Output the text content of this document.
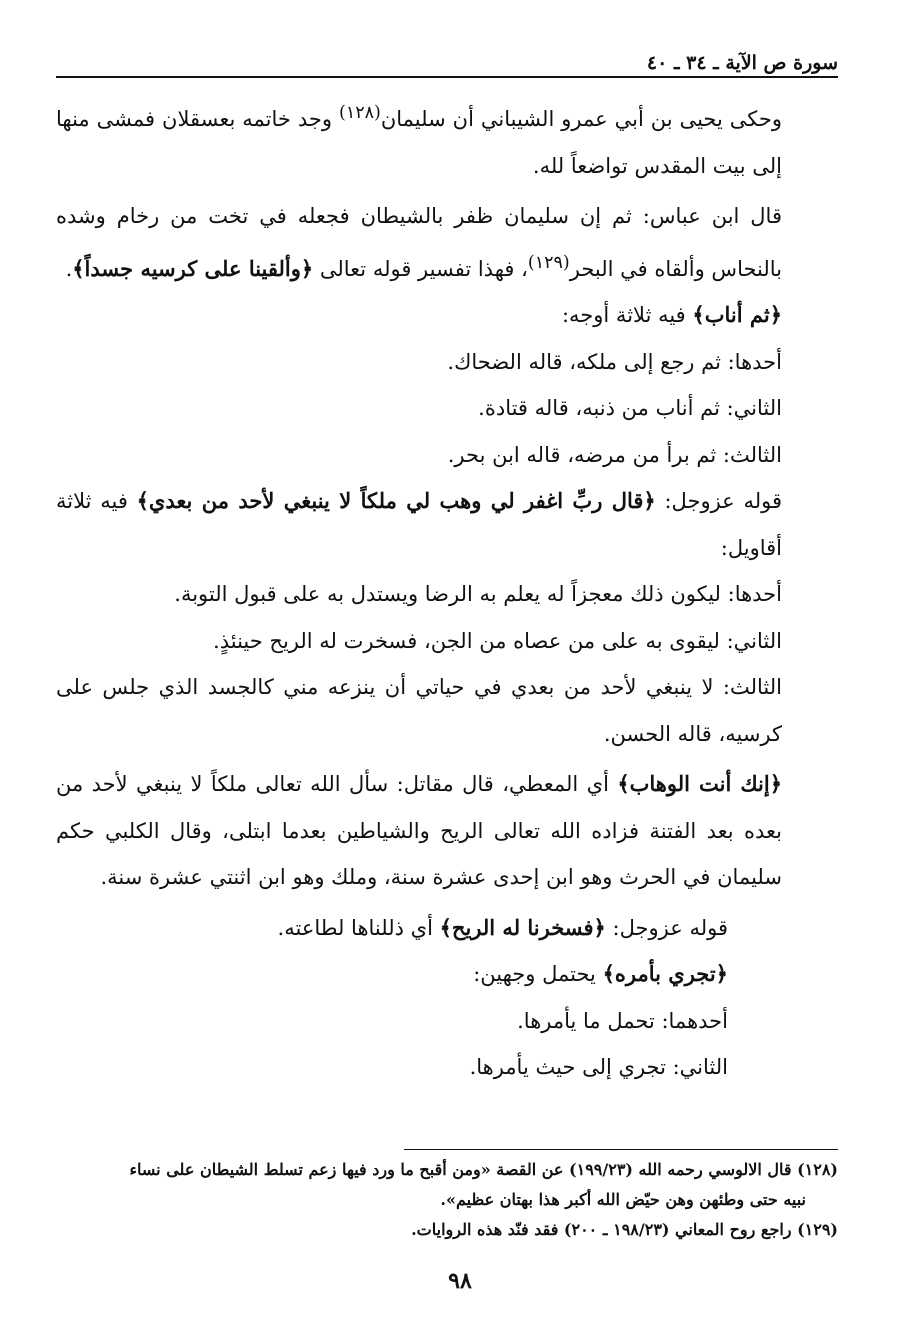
سورة ص الآية ـ ٣٤ ـ ٤٠

وحكى يحيى بن أبي عمرو الشيباني أن سليمان$^{(١٢٨)}$ وجد خاتمه بعسقلان فمشى منها إلى بيت المقدس تواضعاً لله.

قال ابن عباس: ثم إن سليمان ظفر بالشيطان فجعله في تخت من رخام وشده بالنحاس وألقاه في البحر$^{(١٢٩)}$، فهذا تفسير قوله تعالى ﴿وألقينا على كرسيه جسداً﴾.

﴿ثم أناب﴾ فيه ثلاثة أوجه:

أحدها: ثم رجع إلى ملكه، قاله الضحاك.

الثاني: ثم أناب من ذنبه، قاله قتادة.

الثالث: ثم برأ من مرضه، قاله ابن بحر.

قوله عزوجل: ﴿قال ربِّ اغفر لي وهب لي ملكاً لا ينبغي لأحد من بعدي﴾ فيه ثلاثة أقاويل:

أحدها: ليكون ذلك معجزاً له يعلم به الرضا ويستدل به على قبول التوبة.

الثاني: ليقوى به على من عصاه من الجن، فسخرت له الريح حينئذٍ.

الثالث: لا ينبغي لأحد من بعدي في حياتي أن ينزعه مني كالجسد الذي جلس على كرسيه، قاله الحسن.

﴿إنك أنت الوهاب﴾ أي المعطي، قال مقاتل: سأل الله تعالى ملكاً لا ينبغي لأحد من بعده بعد الفتنة فزاده الله تعالى الريح والشياطين بعدما ابتلى، وقال الكلبي حكم سليمان في الحرث وهو ابن إحدى عشرة سنة، وملك وهو ابن اثنتي عشرة سنة.

قوله عزوجل: ﴿فسخرنا له الريح﴾ أي ذللناها لطاعته.

﴿تجري بأمره﴾ يحتمل وجهين:

أحدهما: تحمل ما يأمرها.

الثاني: تجري إلى حيث يأمرها.

(١٢٨) قال الالوسي رحمه الله (١٩٩/٢٣) عن القصة «ومن أقبح ما ورد فيها زعم تسلط الشيطان على نساء

نبيه حتى وطئهن وهن حيّض الله أكبر هذا بهتان عظيم».

(١٢٩) راجع روح المعاني (١٩٨/٢٣ ـ ٢٠٠) فقد فنّد هذه الروايات.

٩٨
